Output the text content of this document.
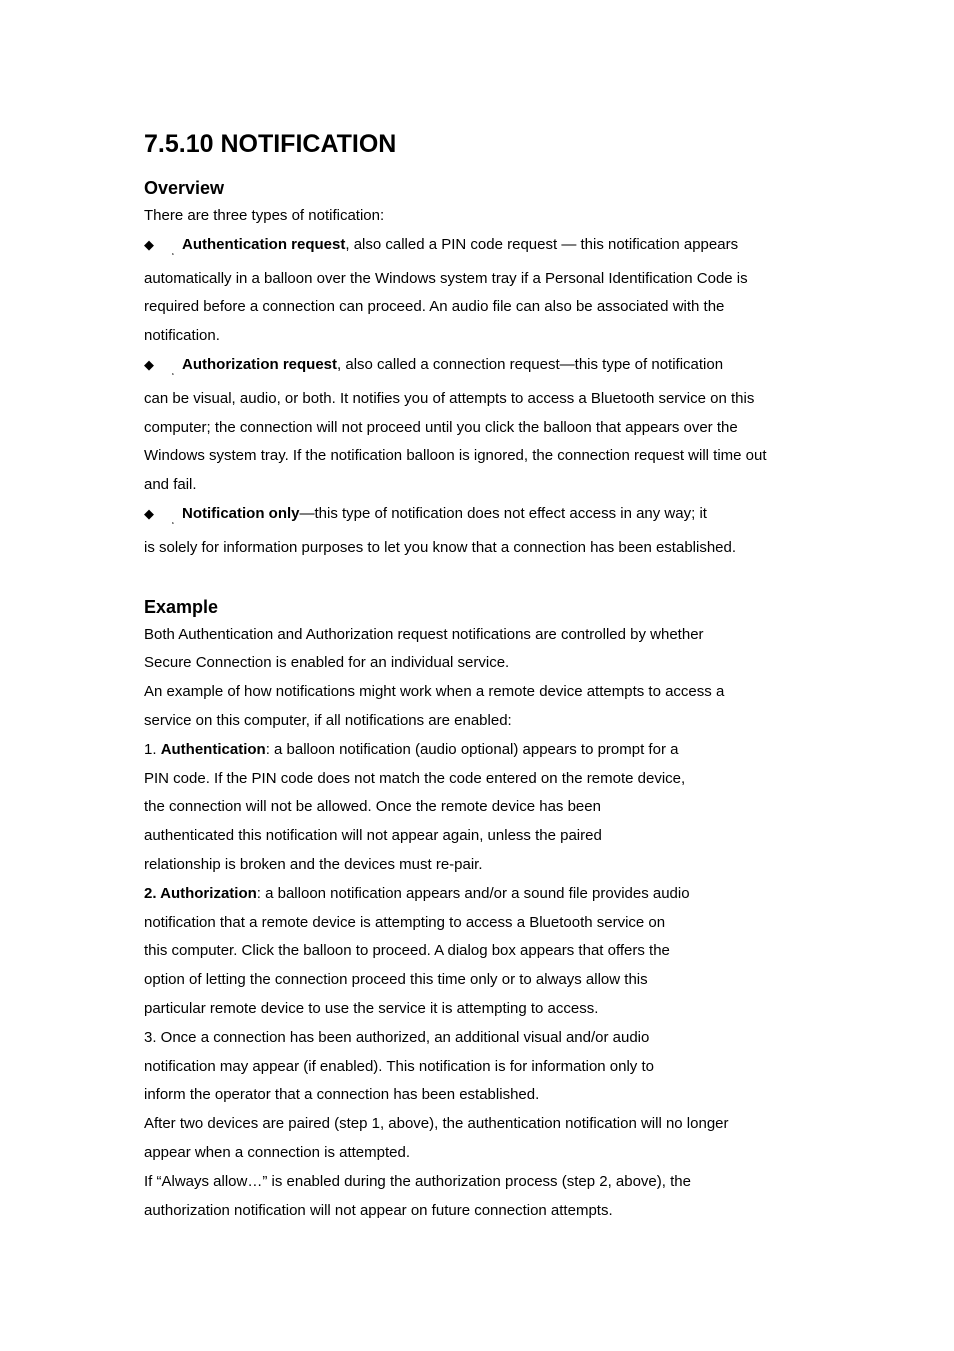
7.5.10 NOTIFICATION
Overview

There are three types of notification:

◆ ¸ Authentication request, also called a PIN code request — this notification appears

automatically in a balloon over the Windows system tray if a Personal Identification Code is

required before a connection can proceed. An audio file can also be associated with the

notification.

◆ ¸ Authorization request, also called a connection request—this type of notification

can be visual, audio, or both. It notifies you of attempts to access a Bluetooth service on this

computer; the connection will not proceed until you click the balloon that appears over the

Windows system tray. If the notification balloon is ignored, the connection request will time out

and fail.

◆ ¸ Notification only—this type of notification does not effect access in any way; it

is solely for information purposes to let you know that a connection has been established.

Example

Both Authentication and Authorization request notifications are controlled by whether

Secure Connection is enabled for an individual service.

An example of how notifications might work when a remote device attempts to access a

service on this computer, if all notifications are enabled:

1. Authentication: a balloon notification (audio optional) appears to prompt for a

PIN code. If the PIN code does not match the code entered on the remote device,

the connection will not be allowed. Once the remote device has been

authenticated this notification will not appear again, unless the paired

relationship is broken and the devices must re-pair.

2. Authorization: a balloon notification appears and/or a sound file provides audio

notification that a remote device is attempting to access a Bluetooth service on

this computer. Click the balloon to proceed. A dialog box appears that offers the

option of letting the connection proceed this time only or to always allow this

particular remote device to use the service it is attempting to access.

3. Once a connection has been authorized, an additional visual and/or audio

notification may appear (if enabled). This notification is for information only to

inform the operator that a connection has been established.

After two devices are paired (step 1, above), the authentication notification will no longer

appear when a connection is attempted.

If “Always allow…” is enabled during the authorization process (step 2, above), the

authorization notification will not appear on future connection attempts.
